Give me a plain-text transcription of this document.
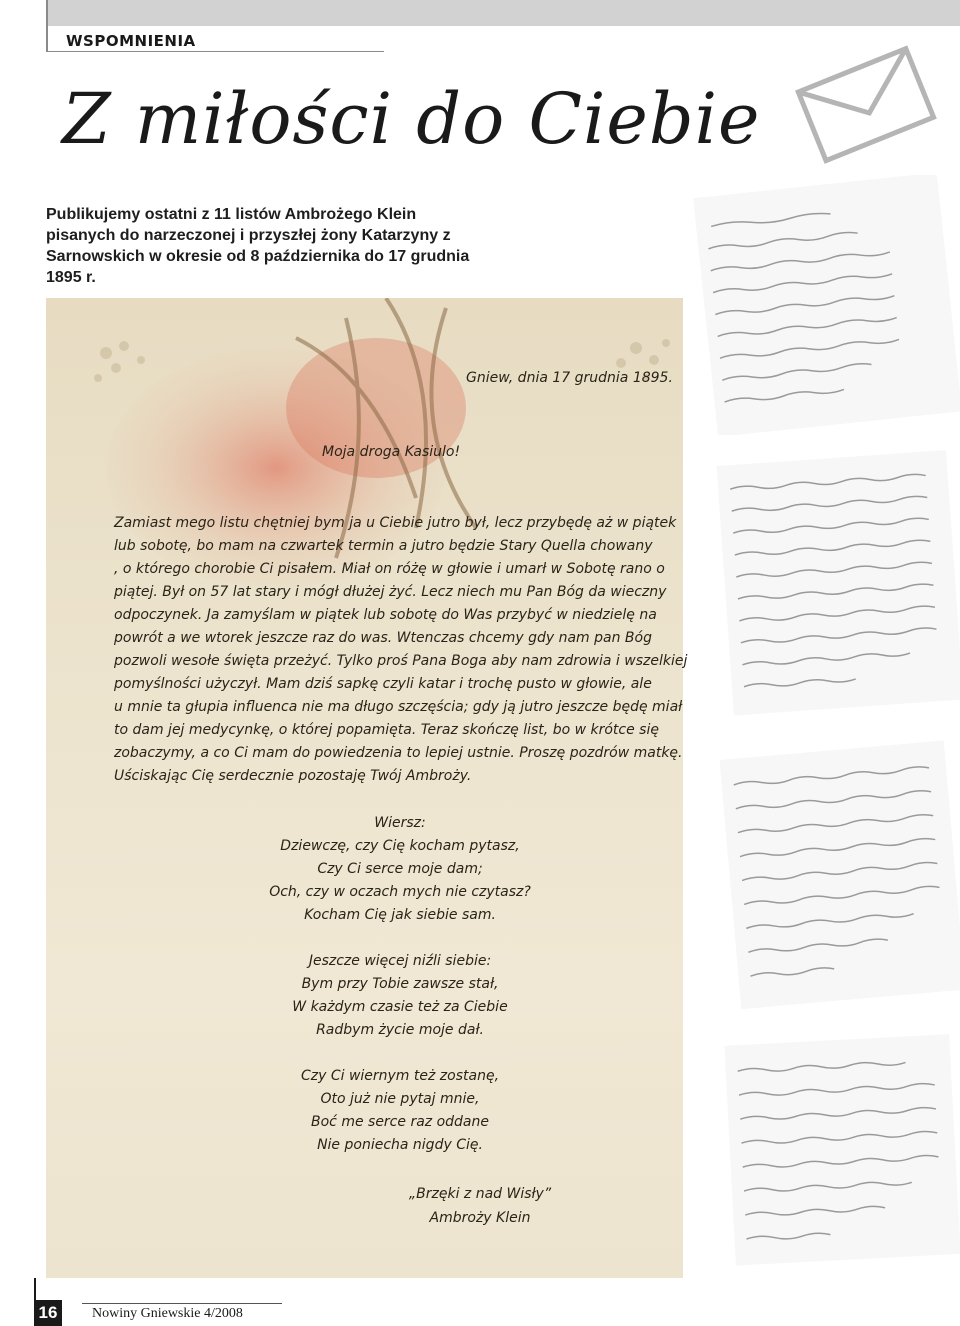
WSPOMNIENIA
Z miłości do Ciebie
Publikujemy ostatni z 11 listów Ambrożego Klein pisanych do narzeczonej i przyszłej żony Katarzyny z Sarnowskich w okresie od 8 października do 17 grudnia 1895 r.
Gniew, dnia 17 grudnia 1895.
Moja droga Kasiulo!
Zamiast mego listu chętniej bym ja u Ciebie jutro był, lecz przybędę aż w piątek
lub sobotę, bo mam na czwartek termin a jutro będzie Stary Quella chowany
, o którego chorobie Ci pisałem. Miał on różę w głowie i umarł w Sobotę rano o
piątej. Był on 57 lat stary i mógł dłużej żyć. Lecz niech mu Pan Bóg da wieczny
odpoczynek. Ja zamyślam w piątek lub sobotę do Was przybyć w niedzielę na
powrót a we wtorek jeszcze raz do was. Wtenczas chcemy gdy nam pan Bóg
pozwoli wesołe święta przeżyć. Tylko proś Pana Boga aby nam zdrowia i wszelkiej
pomyślności użyczył. Mam dziś sapkę czyli katar i trochę pusto w głowie, ale
u mnie ta głupia influenca nie ma długo szczęścia; gdy ją jutro jeszcze będę miał
to dam jej medycynkę, o której popamięta. Teraz skończę list, bo w krótce się
zobaczymy, a co Ci mam do powiedzenia to lepiej ustnie. Proszę pozdrów matkę.
Uściskając Cię serdecznie pozostaję Twój Ambroży.
Wiersz:
Dziewczę, czy Cię kocham pytasz,
Czy Ci serce moje dam;
Och, czy w oczach mych nie czytasz?
Kocham Cię jak siebie sam.
Jeszcze więcej niźli siebie:
Bym przy Tobie zawsze stał,
W każdym czasie też za Ciebie
Radbym życie moje dał.
Czy Ci wiernym też zostanę,
Oto już nie pytaj mnie,
Boć me serce raz oddane
Nie poniecha nigdy Cię.
„Brzęki z nad Wisły”
Ambroży Klein
16	Nowiny Gniewskie 4/2008
